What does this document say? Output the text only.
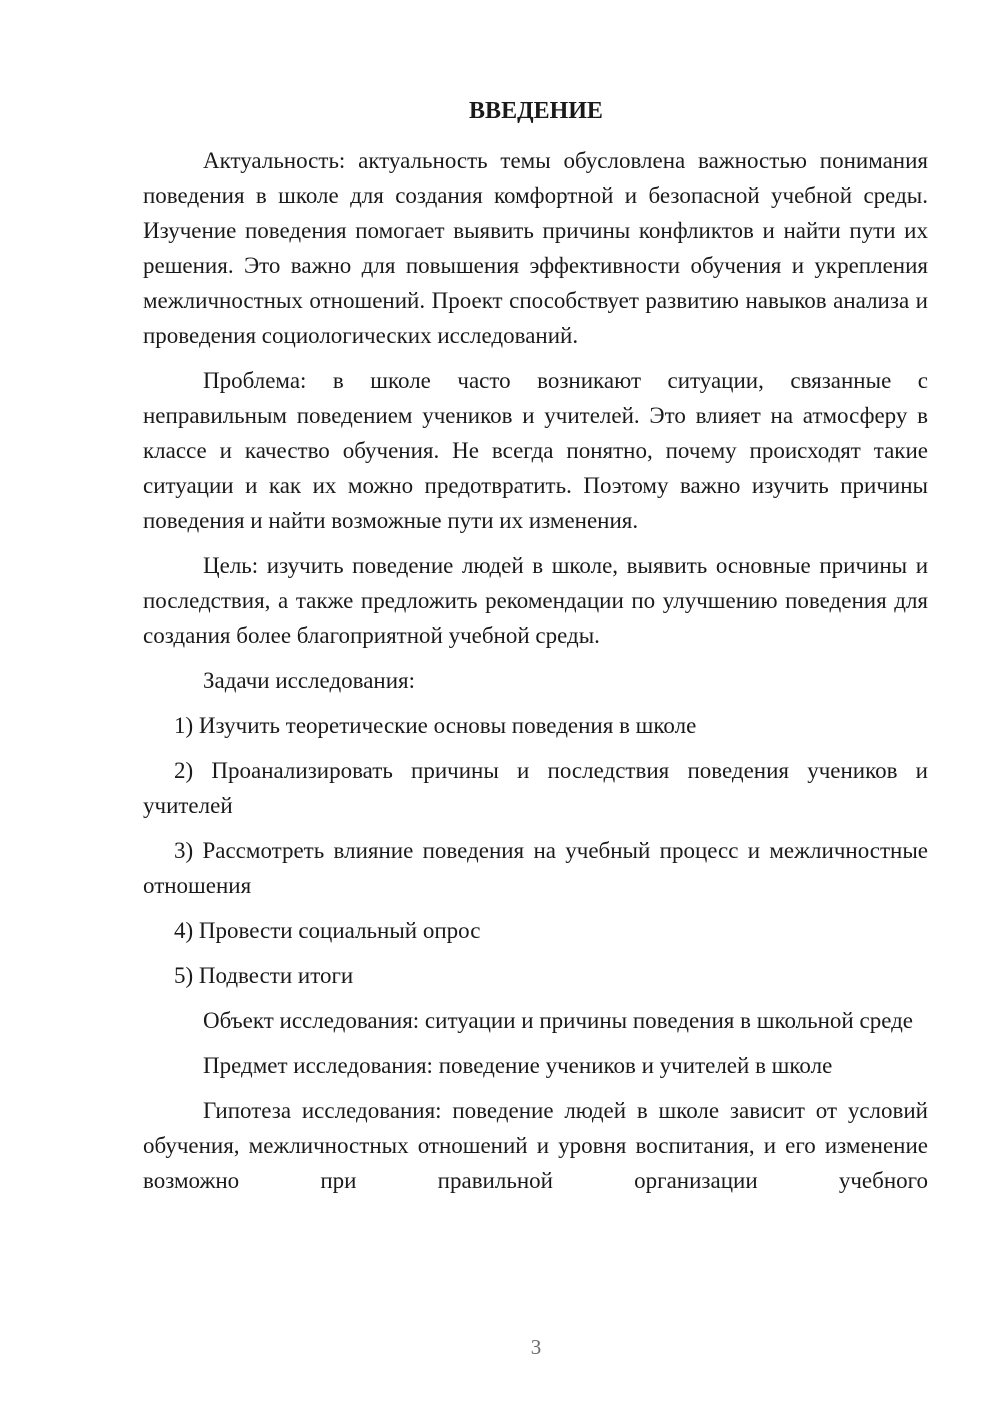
ВВЕДЕНИЕ

Актуальность: актуальность темы обусловлена важностью понимания поведения в школе для создания комфортной и безопасной учебной среды. Изучение поведения помогает выявить причины конфликтов и найти пути их решения. Это важно для повышения эффективности обучения и укрепления межличностных отношений. Проект способствует развитию навыков анализа и проведения социологических исследований.

Проблема: в школе часто возникают ситуации, связанные с неправильным поведением учеников и учителей. Это влияет на атмосферу в классе и качество обучения. Не всегда понятно, почему происходят такие ситуации и как их можно предотвратить. Поэтому важно изучить причины поведения и найти возможные пути их изменения.

Цель: изучить поведение людей в школе, выявить основные причины и последствия, а также предложить рекомендации по улучшению поведения для создания более благоприятной учебной среды.

Задачи исследования:

1) Изучить теоретические основы поведения в школе

2) Проанализировать причины и последствия поведения учеников и учителей

3) Рассмотреть влияние поведения на учебный процесс и межличностные отношения

4) Провести социальный опрос

5) Подвести итоги

Объект исследования: ситуации и причины поведения в школьной среде

Предмет исследования: поведение учеников и учителей в школе

Гипотеза исследования: поведение людей в школе зависит от условий обучения, межличностных отношений и уровня воспитания, и его изменение возможно при правильной организации учебного

3
